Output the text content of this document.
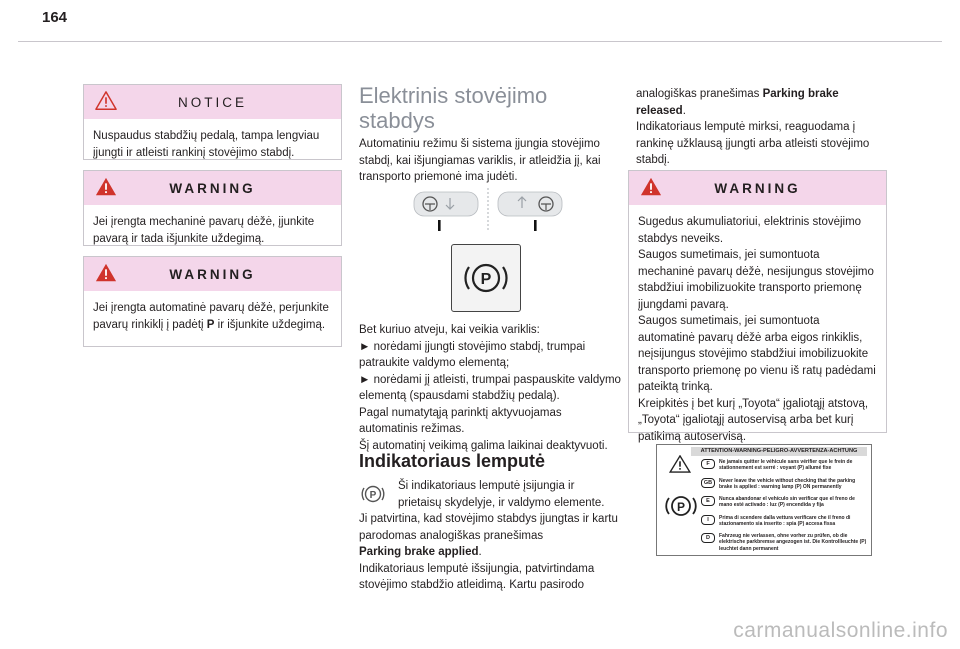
164
NOTICE
Nuspaudus stabdžių pedalą, tampa lengviau įjungti ir atleisti rankinį stovėjimo stabdį.
WARNING
Jei įrengta mechaninė pavarų dėžė, įjunkite pavarą ir tada išjunkite uždegimą.
WARNING
Jei įrengta automatinė pavarų dėžė, perjunkite pavarų rinkiklį į padėtį P ir išjunkite uždegimą.
Elektrinis stovėjimo
stabdys
Automatiniu režimu ši sistema įjungia stovėjimo stabdį, kai išjungiamas variklis, ir atleidžia jį, kai transporto priemonė ima judėti.
P
Bet kuriuo atveju, kai veikia variklis:
► norėdami įjungti stovėjimo stabdį, trumpai patraukite valdymo elementą;
► norėdami jį atleisti, trumpai paspauskite valdymo elementą (spausdami stabdžių pedalą).
Pagal numatytąją parinktį aktyvuojamas automatinis režimas.
Šį automatinį veikimą galima laikinai deaktyvuoti.
Indikatoriaus lemputė
P
Ši indikatoriaus lemputė įsijungia ir prietaisų skydelyje, ir valdymo elemente.
Ji patvirtina, kad stovėjimo stabdys įjungtas ir kartu parodomas analogiškas pranešimas
Parking brake applied.
Indikatoriaus lemputė išsijungia, patvirtindama stovėjimo stabdžio atleidimą. Kartu pasirodo
analogiškas pranešimas Parking brake released.
Indikatoriaus lemputė mirksi, reaguodama į rankinę užklausą įjungti arba atleisti stovėjimo stabdį.
WARNING
Sugedus akumuliatoriui, elektrinis stovėjimo stabdys neveiks.
Saugos sumetimais, jei sumontuota mechaninė pavarų dėžė, nesijungus stovėjimo stabdžiui imobilizuokite transporto priemonę įjungdami pavarą.
Saugos sumetimais, jei sumontuota automatinė pavarų dėžė arba eigos rinkiklis, neįsijungus stovėjimo stabdžiui imobilizuokite transporto priemonę po vienu iš ratų padėdami pateiktą trinką.
Kreipkitės į bet kurį „Toyota“ įgaliotąjį atstovą, „Toyota“ įgaliotąjį autoservisą arba bet kurį patikimą autoservisą.
ATTENTION-WARNING-PELIGRO-AVVERTENZA-ACHTUNG
P
F	Ne jamais quitter le véhicule sans vérifier que le frein de stationnement est serré : voyant (P) allumé fixe
GB	Never leave the vehicle without checking that the parking brake is applied : warning lamp (P) ON permanently
E	Nunca abandonar el vehículo sin verificar que el freno de mano esté activado : luz (P) encendida y fija
I	Prima di scendere dalla vettura verificare che il freno di stazionamento sia inserito : spia (P) accesa fissa
D	Fahrzeug nie verlassen, ohne vorher zu prüfen, ob die elektrische parkbremse angezogen ist. Die Kontrollleuchte (P) leuchtet dann permanent
carmanualsonline.info
